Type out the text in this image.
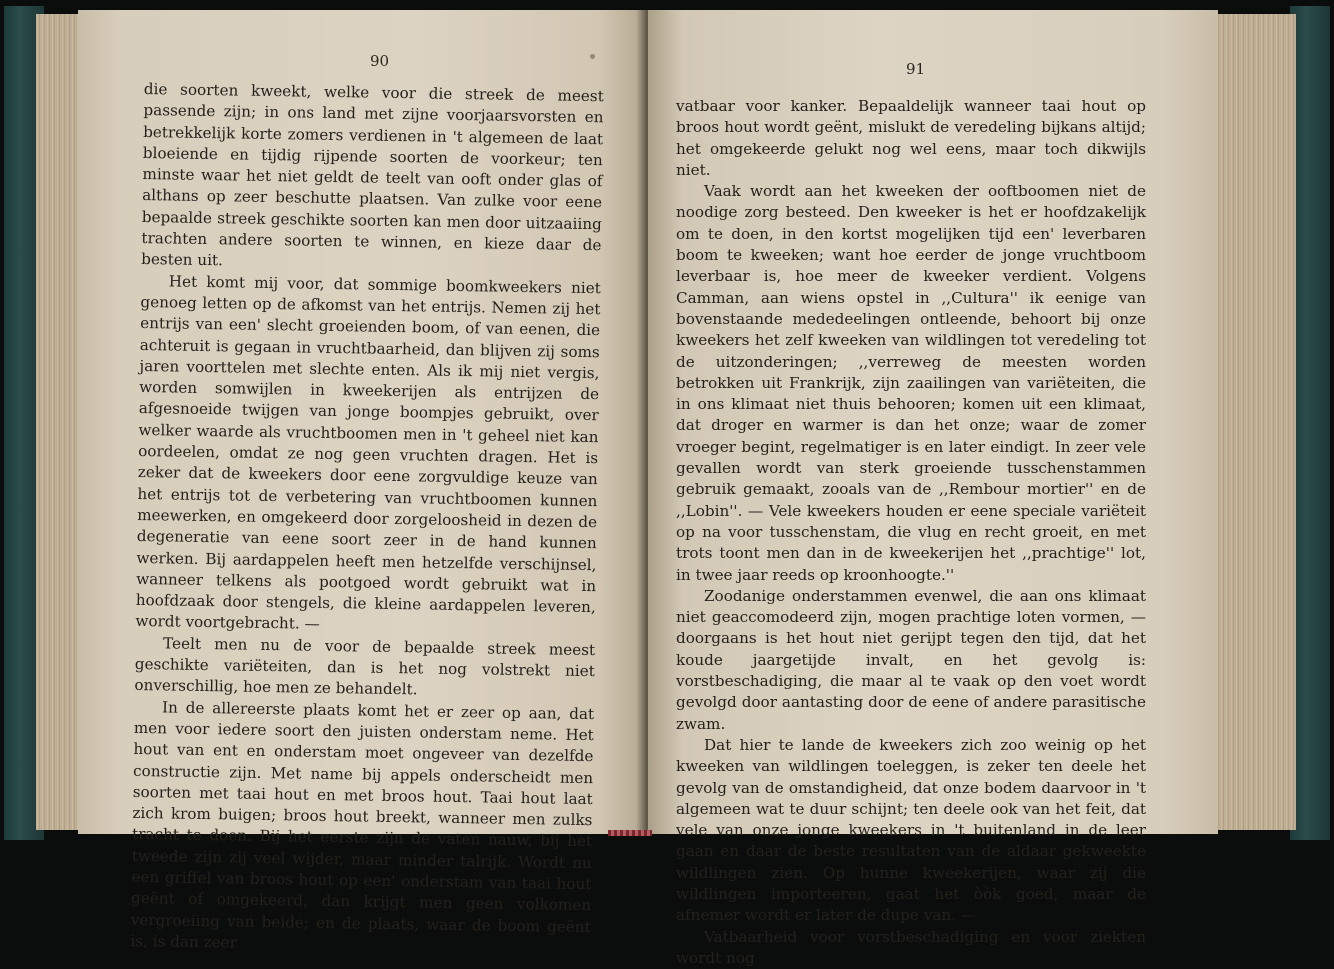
90

die soorten kweekt, welke voor die streek de meest passende zijn; in ons land met zijne voorjaarsvorsten en betrekkelijk korte zomers verdienen in 't algemeen de laat bloeiende en tijdig rijpende soorten de voorkeur; ten minste waar het niet geldt de teelt van ooft onder glas of althans op zeer beschutte plaatsen. Van zulke voor eene bepaalde streek geschikte soorten kan men door uitzaaiing trachten andere soorten te winnen, en kieze daar de besten uit.

Het komt mij voor, dat sommige boomkweekers niet genoeg letten op de afkomst van het entrijs. Nemen zij het entrijs van een' slecht groeienden boom, of van eenen, die achteruit is gegaan in vruchtbaarheid, dan blijven zij soms jaren voorttelen met slechte enten. Als ik mij niet vergis, worden somwijlen in kweekerijen als entrijzen de afgesnoeide twijgen van jonge boompjes gebruikt, over welker waarde als vruchtboomen men in 't geheel niet kan oordeelen, omdat ze nog geen vruchten dragen. Het is zeker dat de kweekers door eene zorgvuldige keuze van het entrijs tot de verbetering van vruchtboomen kunnen meewerken, en omgekeerd door zorgeloosheid in dezen de degeneratie van eene soort zeer in de hand kunnen werken. Bij aardappelen heeft men hetzelfde verschijnsel, wanneer telkens als pootgoed wordt gebruikt wat in hoofdzaak door stengels, die kleine aardappelen leveren, wordt voortgebracht. —

Teelt men nu de voor de bepaalde streek meest geschikte variëteiten, dan is het nog volstrekt niet onverschillig, hoe men ze behandelt.

In de allereerste plaats komt het er zeer op aan, dat men voor iedere soort den juisten onderstam neme. Het hout van ent en onderstam moet ongeveer van dezelfde constructie zijn. Met name bij appels onderscheidt men soorten met taai hout en met broos hout. Taai hout laat zich krom buigen; broos hout breekt, wanneer men zulks tracht te doen. Bij het eerste zijn de vaten nauw, bij het tweede zijn zij veel wijder, maar minder talrijk. Wordt nu een griffel van broos hout op een' onderstam van taai hout geënt of omgekeerd, dan krijgt men geen volkomen vergroeiing van beide; en de plaats, waar de boom geënt is, is dan zeer

91

vatbaar voor kanker. Bepaaldelijk wanneer taai hout op broos hout wordt geënt, mislukt de veredeling bijkans altijd; het omgekeerde gelukt nog wel eens, maar toch dikwijls niet.

Vaak wordt aan het kweeken der ooftboomen niet de noodige zorg besteed. Den kweeker is het er hoofdzakelijk om te doen, in den kortst mogelijken tijd een' leverbaren boom te kweeken; want hoe eerder de jonge vruchtboom leverbaar is, hoe meer de kweeker verdient. Volgens Camman, aan wiens opstel in ,,Cultura'' ik eenige van bovenstaande mededeelingen ontleende, behoort bij onze kweekers het zelf kweeken van wildlingen tot veredeling tot de uitzonderingen; ,,verreweg de meesten worden betrokken uit Frankrijk, zijn zaailingen van variëteiten, die in ons klimaat niet thuis behooren; komen uit een klimaat, dat droger en warmer is dan het onze; waar de zomer vroeger begint, regelmatiger is en later eindigt. In zeer vele gevallen wordt van sterk groeiende tusschenstammen gebruik gemaakt, zooals van de ,,Rembour mortier'' en de ,,Lobin''. — Vele kweekers houden er eene speciale variëteit op na voor tusschenstam, die vlug en recht groeit, en met trots toont men dan in de kweekerijen het ,,prachtige'' lot, in twee jaar reeds op kroonhoogte.''

Zoodanige onderstammen evenwel, die aan ons klimaat niet geaccomodeerd zijn, mogen prachtige loten vormen, — doorgaans is het hout niet gerijpt tegen den tijd, dat het koude jaargetijde invalt, en het gevolg is: vorstbeschadiging, die maar al te vaak op den voet wordt gevolgd door aantasting door de eene of andere parasitische zwam.

Dat hier te lande de kweekers zich zoo weinig op het kweeken van wildlingen toeleggen, is zeker ten deele het gevolg van de omstandigheid, dat onze bodem daarvoor in 't algemeen wat te duur schijnt; ten deele ook van het feit, dat vele van onze jonge kweekers in 't buitenland in de leer gaan en daar de beste resultaten van de aldaar gekweekte wildlingen zien. Op hunne kweekerijen, waar zij die wildlingen importeeren, gaat het òòk goed, maar de afnemer wordt er later de dupe van. —

Vatbaarheid voor vorstbeschadiging en voor ziekten wordt nog
